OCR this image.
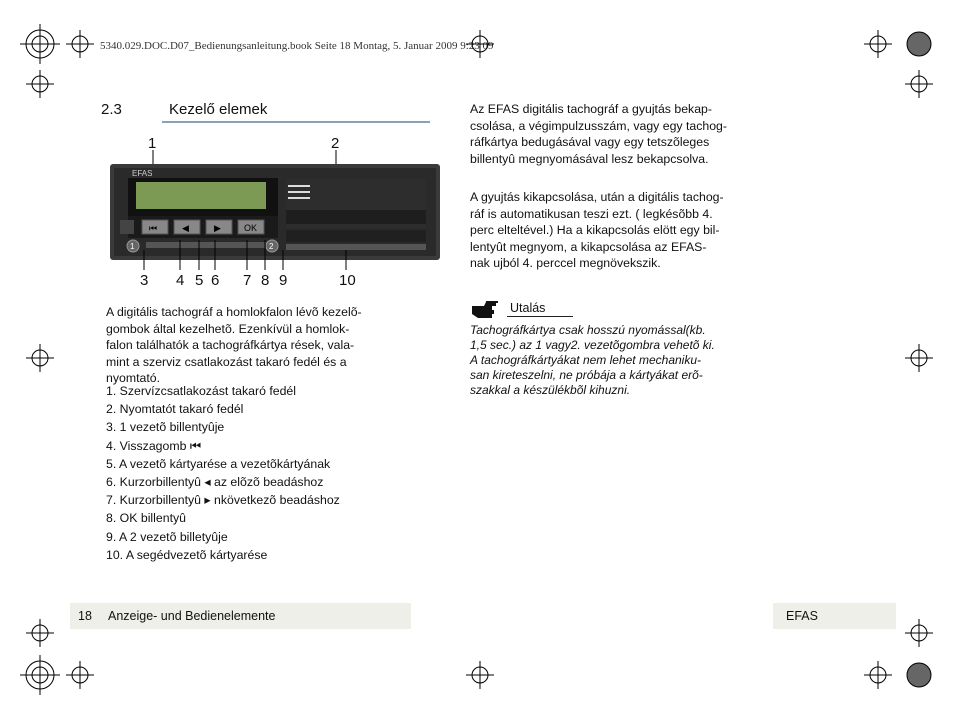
5340.029.DOC.D07_Bedienungsanleitung.book Seite 18 Montag, 5. Januar 2009 9:23 09
2.3	Kezelő elemek
1	2
⏮	◀	▶	OK
EFAS
1	2
3 4 5 6 7 8 9	10
Az EFAS digitális tachográf a gyujtás bekap-
csolása, a végimpulzusszám, vagy egy tachog-
ráfkártya bedugásával vagy egy tetszõleges
billentyû megnyomásával lesz bekapcsolva.
A gyujtás kikapcsolása, után a digitális tachog-
ráf is automatikusan teszi ezt. ( legkésõbb 4.
perc elteltével.) Ha a kikapcsolás elött egy bil-
lentyût megnyom, a kikapcsolása az EFAS-
nak ujból 4. perccel megnövekszik.
A digitális tachográf a homlokfalon lévõ kezelõ-
gombok által kezelhetõ. Ezenkívül a homlok-
falon találhatók a tachográfkártya rések, vala-
mint a szerviz csatlakozást takaró fedél és a
nyomtató.
1. Szervízcsatlakozást takaró fedél
2. Nyomtatót takaró fedél
3. 1 vezetõ billentyûje
4. Visszagomb ⏮
5. A vezetõ kártyarése a vezetõkártyának
6. Kurzorbillentyû ◂ az elõzõ beadáshoz
7. Kurzorbillentyû ▸ nkövetkezõ beadáshoz
8. OK billentyû
9. A 2 vezetõ billetyûje
10. A segédvezetõ kártyarése
Utalás
Tachográfkártya csak hosszú nyomással(kb.
1,5 sec.) az 1 vagy2. vezetõgombra vehetõ ki.
A tachográfkártyákat nem lehet mechaniku-
san kireteszelni, ne próbája a kártyákat erõ-
szakkal a készülékbõl kihuzni.
18 Anzeige- und Bedienelemente	EFAS
